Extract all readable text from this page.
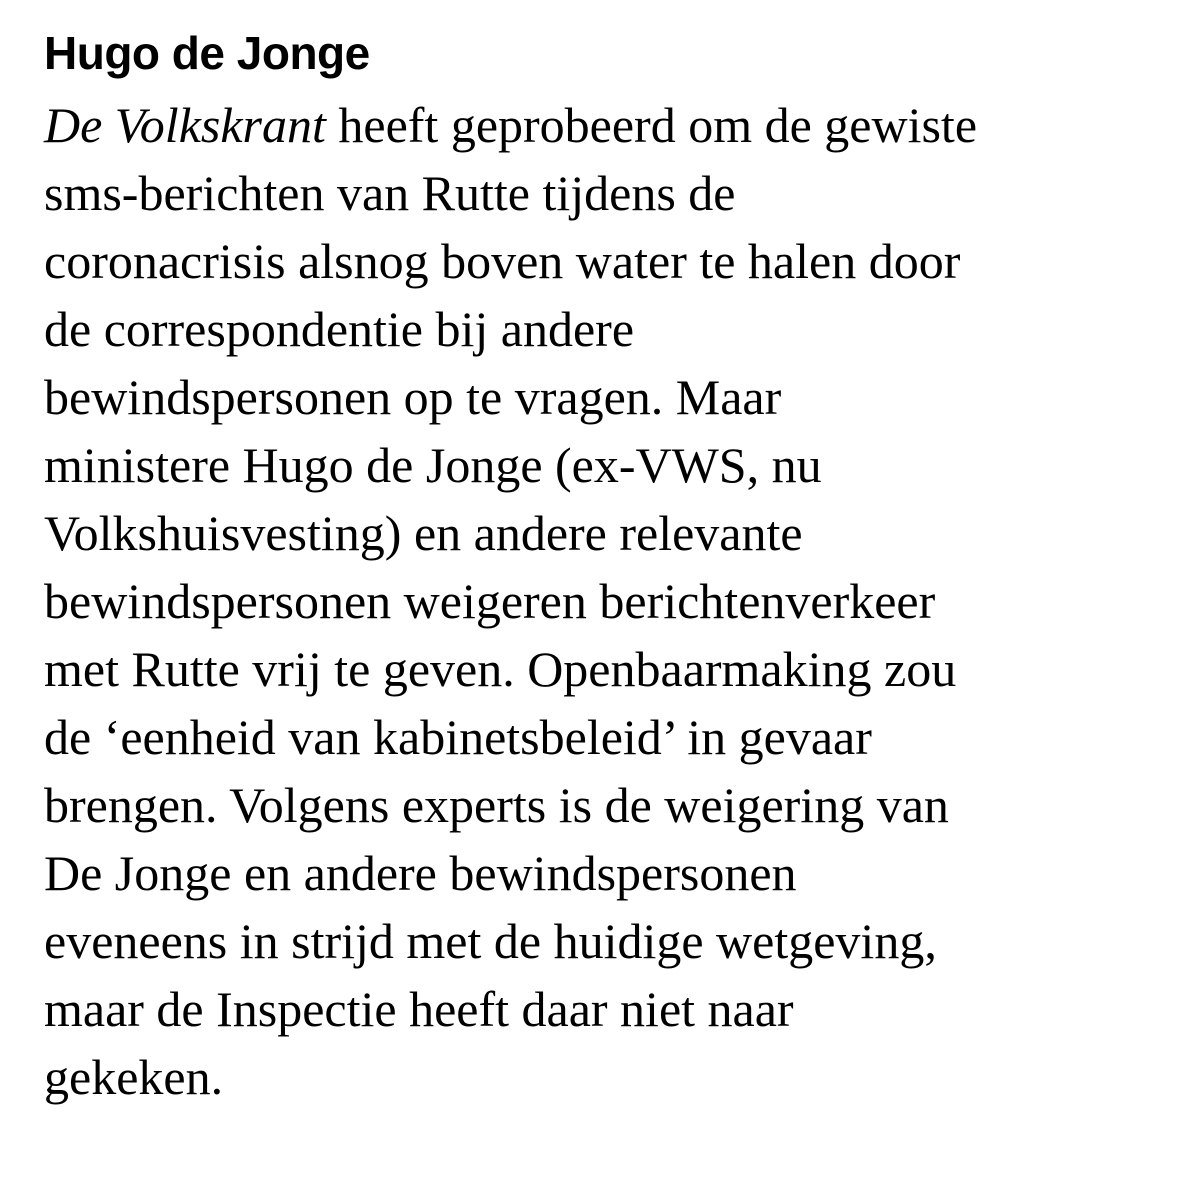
Hugo de Jonge

De Volkskrant heeft geprobeerd om de gewiste
sms-berichten van Rutte tijdens de
coronacrisis alsnog boven water te halen door
de correspondentie bij andere
bewindspersonen op te vragen. Maar
ministere Hugo de Jonge (ex-VWS, nu
Volkshuisvesting) en andere relevante
bewindspersonen weigeren berichtenverkeer
met Rutte vrij te geven. Openbaarmaking zou
de ‘eenheid van kabinetsbeleid’ in gevaar
brengen. Volgens experts is de weigering van
De Jonge en andere bewindspersonen
eveneens in strijd met de huidige wetgeving,
maar de Inspectie heeft daar niet naar
gekeken.
